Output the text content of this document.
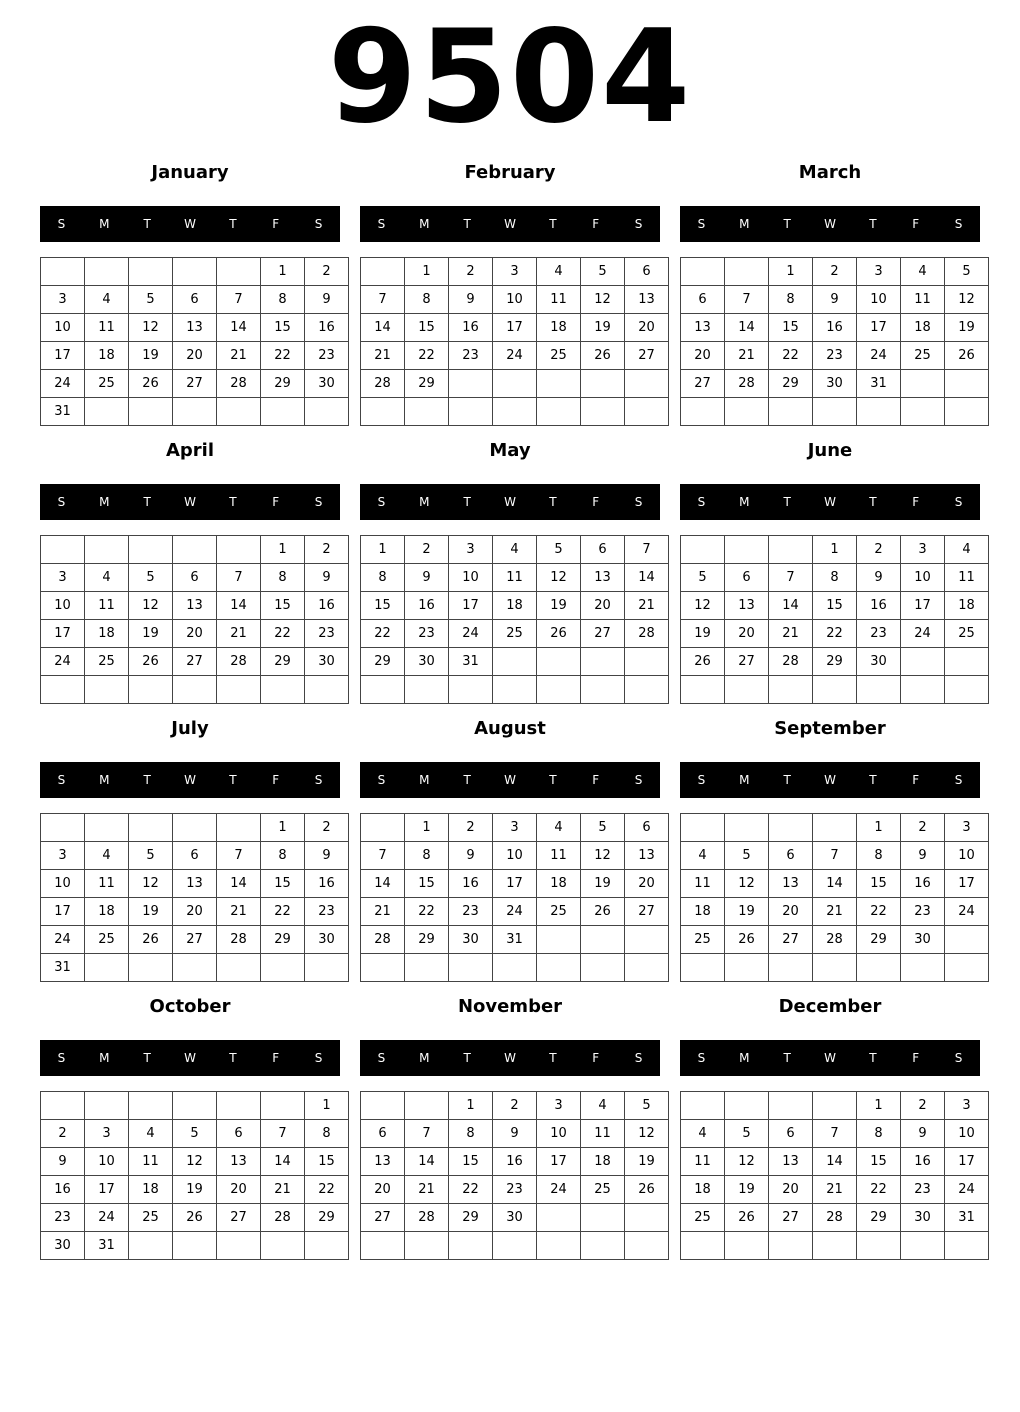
9504
January
S	M	T	W	T	F	S
					1	2
3	4	5	6	7	8	9
10	11	12	13	14	15	16
17	18	19	20	21	22	23
24	25	26	27	28	29	30
31						
February
S	M	T	W	T	F	S
	1	2	3	4	5	6
7	8	9	10	11	12	13
14	15	16	17	18	19	20
21	22	23	24	25	26	27
28	29					

March
S	M	T	W	T	F	S
		1	2	3	4	5
6	7	8	9	10	11	12
13	14	15	16	17	18	19
20	21	22	23	24	25	26
27	28	29	30	31		

April
S	M	T	W	T	F	S
					1	2
3	4	5	6	7	8	9
10	11	12	13	14	15	16
17	18	19	20	21	22	23
24	25	26	27	28	29	30

May
S	M	T	W	T	F	S
1	2	3	4	5	6	7
8	9	10	11	12	13	14
15	16	17	18	19	20	21
22	23	24	25	26	27	28
29	30	31				

June
S	M	T	W	T	F	S
			1	2	3	4
5	6	7	8	9	10	11
12	13	14	15	16	17	18
19	20	21	22	23	24	25
26	27	28	29	30		

July
S	M	T	W	T	F	S
					1	2
3	4	5	6	7	8	9
10	11	12	13	14	15	16
17	18	19	20	21	22	23
24	25	26	27	28	29	30
31						
August
S	M	T	W	T	F	S
	1	2	3	4	5	6
7	8	9	10	11	12	13
14	15	16	17	18	19	20
21	22	23	24	25	26	27
28	29	30	31			

September
S	M	T	W	T	F	S
				1	2	3
4	5	6	7	8	9	10
11	12	13	14	15	16	17
18	19	20	21	22	23	24
25	26	27	28	29	30	

October
S	M	T	W	T	F	S
						1
2	3	4	5	6	7	8
9	10	11	12	13	14	15
16	17	18	19	20	21	22
23	24	25	26	27	28	29
30	31					
November
S	M	T	W	T	F	S
		1	2	3	4	5
6	7	8	9	10	11	12
13	14	15	16	17	18	19
20	21	22	23	24	25	26
27	28	29	30			

December
S	M	T	W	T	F	S
				1	2	3
4	5	6	7	8	9	10
11	12	13	14	15	16	17
18	19	20	21	22	23	24
25	26	27	28	29	30	31
